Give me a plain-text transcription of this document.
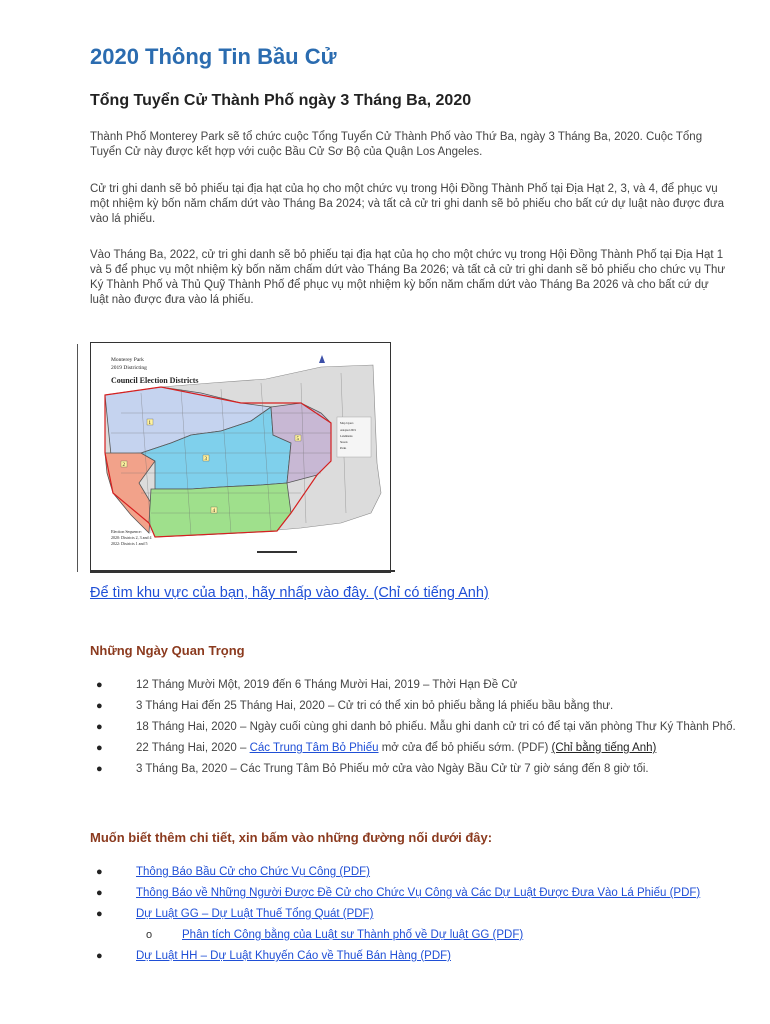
2020 Thông Tin Bầu Cử
Tổng Tuyển Cử Thành Phố ngày 3 Tháng Ba, 2020

Thành Phố Monterey Park sẽ tổ chức cuộc Tổng Tuyển Cử Thành Phố vào Thứ Ba, ngày 3 Tháng Ba, 2020. Cuộc Tổng Tuyển Cử này được kết hợp với cuộc Bầu Cử Sơ Bộ của Quận Los Angeles.

Cử tri ghi danh sẽ bỏ phiếu tại địa hạt của họ cho một chức vụ trong Hội Đồng Thành Phố tại Địa Hạt 2, 3, và 4, để phục vụ một nhiệm kỳ bốn năm chấm dứt vào Tháng Ba 2024; và tất cả cử tri ghi danh sẽ bỏ phiếu cho bất cứ dự luật nào được đưa vào lá phiếu.

Vào Tháng Ba, 2022, cử tri ghi danh sẽ bỏ phiếu tại địa hạt của họ cho một chức vụ trong Hội Đồng Thành Phố tại Địa Hạt 1 và 5 để phục vụ một nhiệm kỳ bốn năm chấm dứt vào Tháng Ba 2026; và tất cả cử tri ghi danh sẽ bỏ phiếu cho chức vụ Thư Ký Thành Phố và Thủ Quỹ Thành Phố để phục vụ một nhiệm kỳ bốn năm chấm dứt vào Tháng Ba 2026 và cho bất cứ dự luật nào được đưa vào lá phiếu.

Monterey Park
2019 Districting
Council Election Districts
Map layers
Adopted 2019
Landmarks
Streets
Parks
1
2
3
4
5
Election Sequence:
2020: Districts 2, 3 and 4
2022: Districts 1 and 5
Để tìm khu vực của bạn, hãy nhấp vào đây. (Chỉ có tiếng Anh)
Những Ngày Quan Trọng
●	12 Tháng Mười Một, 2019 đến 6 Tháng Mười Hai, 2019 – Thời Hạn Đề Cử
●	3 Tháng Hai đến 25 Tháng Hai, 2020 – Cử tri có thể xin bỏ phiếu bằng lá phiếu bầu bằng thư.
●	18 Tháng Hai, 2020 – Ngày cuối cùng ghi danh bỏ phiếu. Mẫu ghi danh cử tri có để tại văn phòng Thư Ký Thành Phố.
●	22 Tháng Hai, 2020 – Các Trung Tâm Bỏ Phiếu mở cửa để bỏ phiếu sớm. (PDF) (Chỉ bằng tiếng Anh)
●	3 Tháng Ba, 2020 – Các Trung Tâm Bỏ Phiếu mở cửa vào Ngày Bầu Cử từ 7 giờ sáng đến 8 giờ tối.
Muốn biết thêm chi tiết, xin bấm vào những đường nối dưới đây:
●	Thông Báo Bầu Cử cho Chức Vụ Công (PDF)
●	Thông Báo về Những Người Được Đề Cử cho Chức Vụ Công và Các Dự Luật Được Đưa Vào Lá Phiếu (PDF)
●	Dự Luật GG – Dự Luật Thuế Tổng Quát (PDF)
o	Phân tích Công bằng của Luật sư Thành phố về Dự luật GG (PDF)
●	Dự Luật HH – Dự Luật Khuyến Cáo về Thuế Bán Hàng (PDF)
